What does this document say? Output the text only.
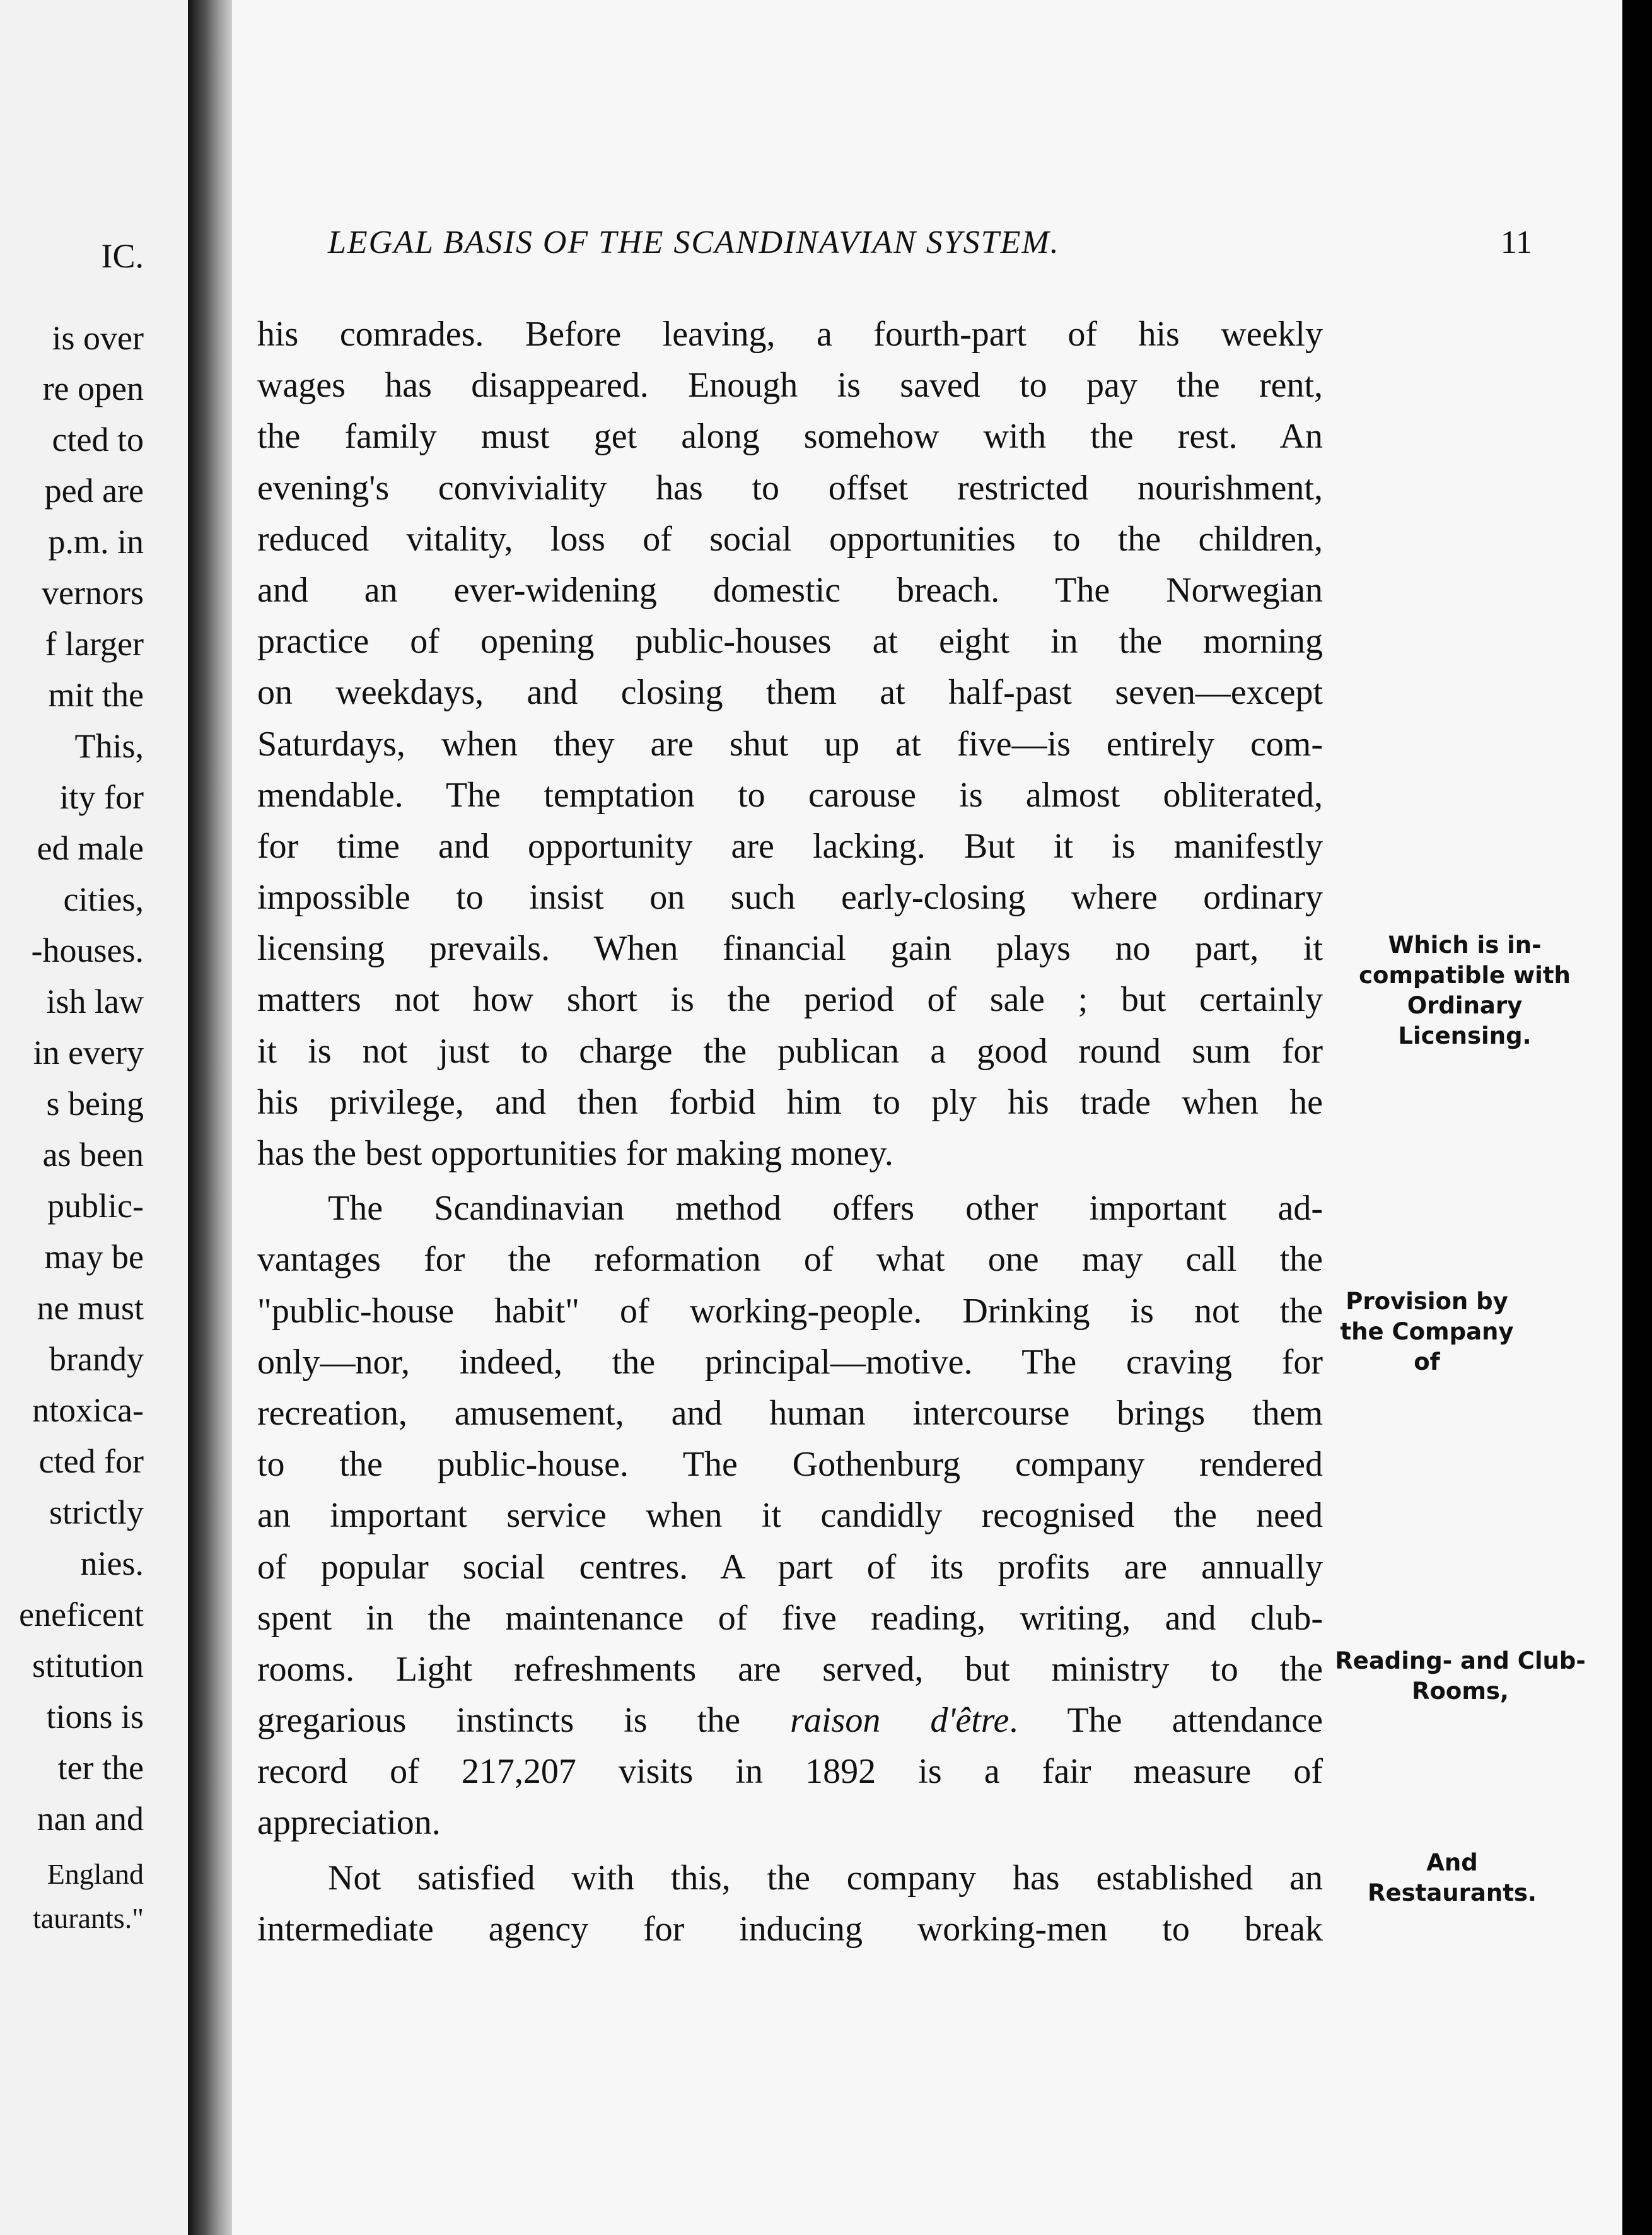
IC.
is over
re open
cted to
ped are
p.m. in
vernors
f larger
mit the
This,
ity for
ed male
cities,
-houses.
ish law
in every
s being
as been
public-
may be
ne must
brandy
ntoxica-
cted for
strictly
nies.
eneficent
stitution
tions is
ter the
nan and
England
taurants."
LEGAL BASIS OF THE SCANDINAVIAN SYSTEM.	11
his comrades. Before leaving, a fourth-part of his weekly
wages has disappeared. Enough is saved to pay the rent,
the family must get along somehow with the rest. An
evening's conviviality has to offset restricted nourishment,
reduced vitality, loss of social opportunities to the children,
and an ever-widening domestic breach. The Norwegian
practice of opening public-houses at eight in the morning
on weekdays, and closing them at half-past seven—except
Saturdays, when they are shut up at five—is entirely com-
mendable. The temptation to carouse is almost obliterated,
for time and opportunity are lacking. But it is manifestly
impossible to insist on such early-closing where ordinary
licensing prevails. When financial gain plays no part, it
matters not how short is the period of sale ; but certainly
it is not just to charge the publican a good round sum for
his privilege, and then forbid him to ply his trade when he
has the best opportunities for making money.
The Scandinavian method offers other important ad-
vantages for the reformation of what one may call the
"public-house habit" of working-people. Drinking is not the
only—nor, indeed, the principal—motive. The craving for
recreation, amusement, and human intercourse brings them
to the public-house. The Gothenburg company rendered
an important service when it candidly recognised the need
of popular social centres. A part of its profits are annually
spent in the maintenance of five reading, writing, and club-
rooms. Light refreshments are served, but ministry to the
gregarious instincts is the raison d'être. The attendance
record of 217,207 visits in 1892 is a fair measure of
appreciation.
Not satisfied with this, the company has established an
intermediate agency for inducing working-men to break
Which is in-compatible with Ordinary Licensing.
Provision by the Company of
Reading- and Club-Rooms,
And Restaurants.
